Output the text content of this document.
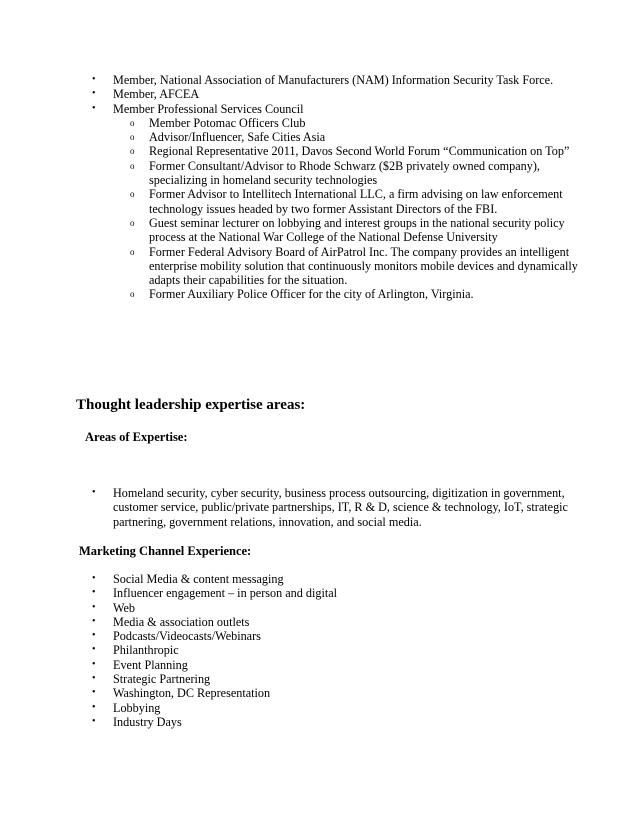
• Member, National Association of Manufacturers (NAM) Information Security Task Force.
• Member, AFCEA
• Member Professional Services Council
o Member Potomac Officers Club
o Advisor/Influencer, Safe Cities Asia
o Regional Representative 2011, Davos Second World Forum “Communication on Top”
o Former Consultant/Advisor to Rhode Schwarz ($2B privately owned company), specializing in homeland security technologies
o Former Advisor to Intellitech International LLC, a firm advising on law enforcement technology issues headed by two former Assistant Directors of the FBI.
o Guest seminar lecturer on lobbying and interest groups in the national security policy process at the National War College of the National Defense University
o Former Federal Advisory Board of AirPatrol Inc. The company provides an intelligent enterprise mobility solution that continuously monitors mobile devices and dynamically adapts their capabilities for the situation.
o Former Auxiliary Police Officer for the city of Arlington, Virginia.
Thought leadership expertise areas:
Areas of Expertise:
• Homeland security, cyber security, business process outsourcing, digitization in government, customer service, public/private partnerships, IT, R & D, science & technology, IoT, strategic partnering, government relations, innovation, and social media.
Marketing Channel Experience:
• Social Media & content messaging
• Influencer engagement – in person and digital
• Web
• Media & association outlets
• Podcasts/Videocasts/Webinars
• Philanthropic
• Event Planning
• Strategic Partnering
• Washington, DC Representation
• Lobbying
• Industry Days
